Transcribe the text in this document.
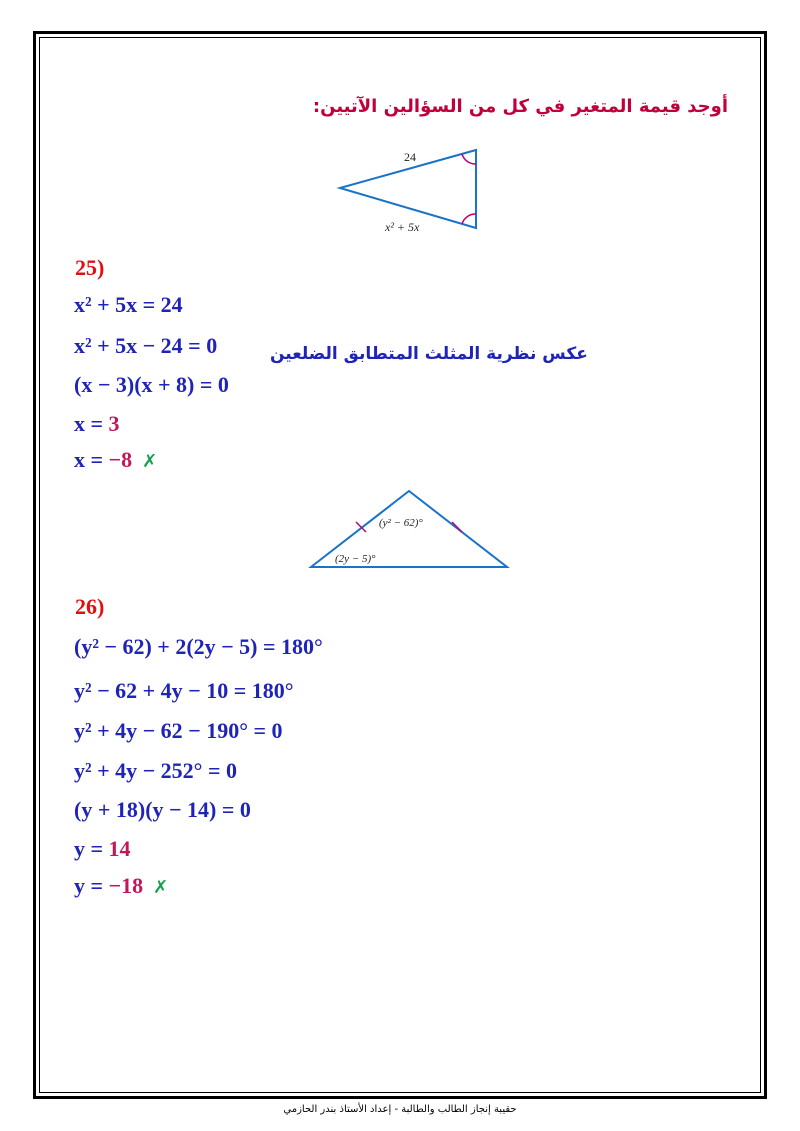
أوجد قيمة المتغير في كل من السؤالين الآتيين:
24
x² + 5x
25)
x² + 5x = 24
x² + 5x − 24 = 0
(x − 3)(x + 8) = 0
x = 3
x = −8 ✗
عكس نظرية المثلث المتطابق الضلعين
(y² − 62)°
(2y − 5)°
26)
(y² − 62) + 2(2y − 5) = 180°
y² − 62 + 4y − 10 = 180°
y² + 4y − 62 − 190° = 0
y² + 4y − 252° = 0
(y + 18)(y − 14) = 0
y = 14
y = −18 ✗
حقيبة إنجاز الطالب والطالبة - إعداد الأستاذ بندر الحازمي
